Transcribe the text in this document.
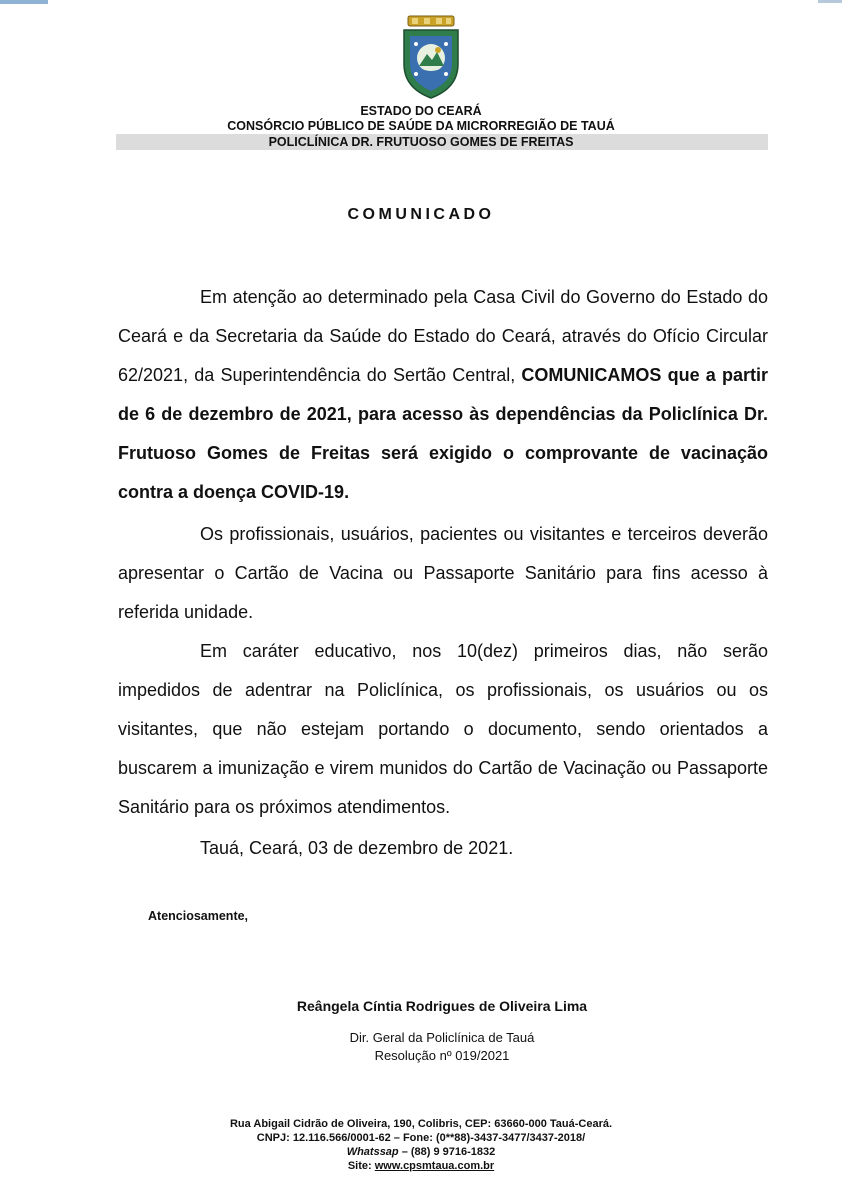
ESTADO DO CEARÁ
CONSÓRCIO PÚBLICO DE SAÚDE DA MICRORREGIÃO DE TAUÁ
POLICLÍNICA DR. FRUTUOSO GOMES DE FREITAS
COMUNICADO

Em atenção ao determinado pela Casa Civil do Governo do Estado do Ceará e da Secretaria da Saúde do Estado do Ceará, através do Ofício Circular 62/2021, da Superintendência do Sertão Central, COMUNICAMOS que a partir de 6 de dezembro de 2021, para acesso às dependências da Policlínica Dr. Frutuoso Gomes de Freitas será exigido o comprovante de vacinação contra a doença COVID-19.

Os profissionais, usuários, pacientes ou visitantes e terceiros deverão apresentar o Cartão de Vacina ou Passaporte Sanitário para fins acesso à referida unidade.

Em caráter educativo, nos 10(dez) primeiros dias, não serão impedidos de adentrar na Policlínica, os profissionais, os usuários ou os visitantes, que não estejam portando o documento, sendo orientados a buscarem a imunização e virem munidos do Cartão de Vacinação ou Passaporte Sanitário para os próximos atendimentos.

Tauá, Ceará, 03 de dezembro de 2021.
Atenciosamente,
Reângela Cíntia Rodrigues de Oliveira Lima
Dir. Geral da Policlínica de Tauá
Resolução nº 019/2021
Rua Abigail Cidrão de Oliveira, 190, Colibris, CEP: 63660-000 Tauá-Ceará.
CNPJ: 12.116.566/0001-62 – Fone: (0**88)-3437-3477/3437-2018/
Whatssap – (88) 9 9716-1832
Site: www.cpsmtaua.com.br
